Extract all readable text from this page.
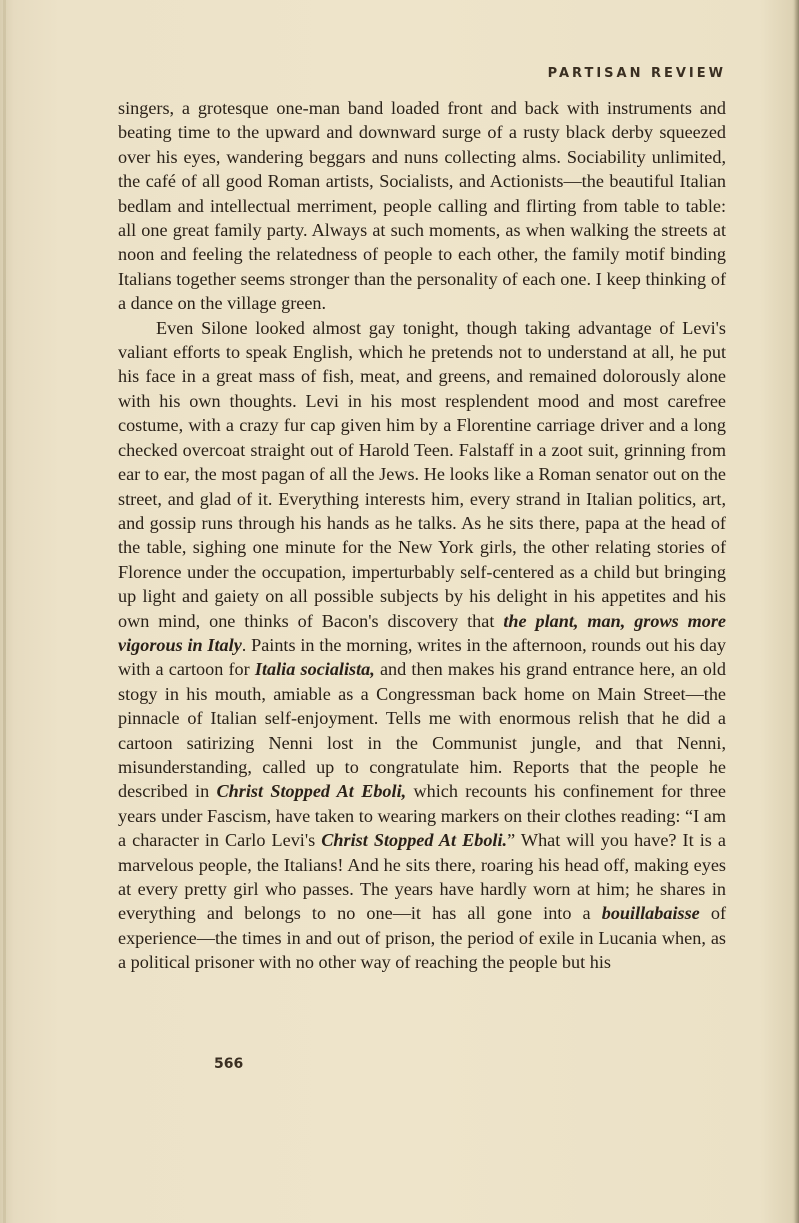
PARTISAN REVIEW

singers, a grotesque one-man band loaded front and back with instruments and beating time to the upward and downward surge of a rusty black derby squeezed over his eyes, wandering beggars and nuns collecting alms. Sociability unlimited, the café of all good Roman artists, Socialists, and Actionists—the beautiful Italian bedlam and intellectual merriment, people calling and flirting from table to table: all one great family party. Always at such moments, as when walking the streets at noon and feeling the relatedness of people to each other, the family motif binding Italians together seems stronger than the personality of each one. I keep thinking of a dance on the village green.

Even Silone looked almost gay tonight, though taking advantage of Levi's valiant efforts to speak English, which he pretends not to understand at all, he put his face in a great mass of fish, meat, and greens, and remained dolorously alone with his own thoughts. Levi in his most resplendent mood and most carefree costume, with a crazy fur cap given him by a Florentine carriage driver and a long checked overcoat straight out of Harold Teen. Falstaff in a zoot suit, grinning from ear to ear, the most pagan of all the Jews. He looks like a Roman senator out on the street, and glad of it. Everything interests him, every strand in Italian politics, art, and gossip runs through his hands as he talks. As he sits there, papa at the head of the table, sighing one minute for the New York girls, the other relating stories of Florence under the occupation, imperturbably self-centered as a child but bringing up light and gaiety on all possible subjects by his delight in his appetites and his own mind, one thinks of Bacon's discovery that the plant, man, grows more vigorous in Italy. Paints in the morning, writes in the afternoon, rounds out his day with a cartoon for Italia socialista, and then makes his grand entrance here, an old stogy in his mouth, amiable as a Congressman back home on Main Street—the pinnacle of Italian self-enjoyment. Tells me with enormous relish that he did a cartoon satirizing Nenni lost in the Communist jungle, and that Nenni, misunderstanding, called up to congratulate him. Reports that the people he described in Christ Stopped At Eboli, which recounts his confinement for three years under Fascism, have taken to wearing markers on their clothes reading: “I am a character in Carlo Levi's Christ Stopped At Eboli.” What will you have? It is a marvelous people, the Italians! And he sits there, roaring his head off, making eyes at every pretty girl who passes. The years have hardly worn at him; he shares in everything and belongs to no one—it has all gone into a bouillabaisse of experience—the times in and out of prison, the period of exile in Lucania when, as a political prisoner with no other way of reaching the people but his

566
